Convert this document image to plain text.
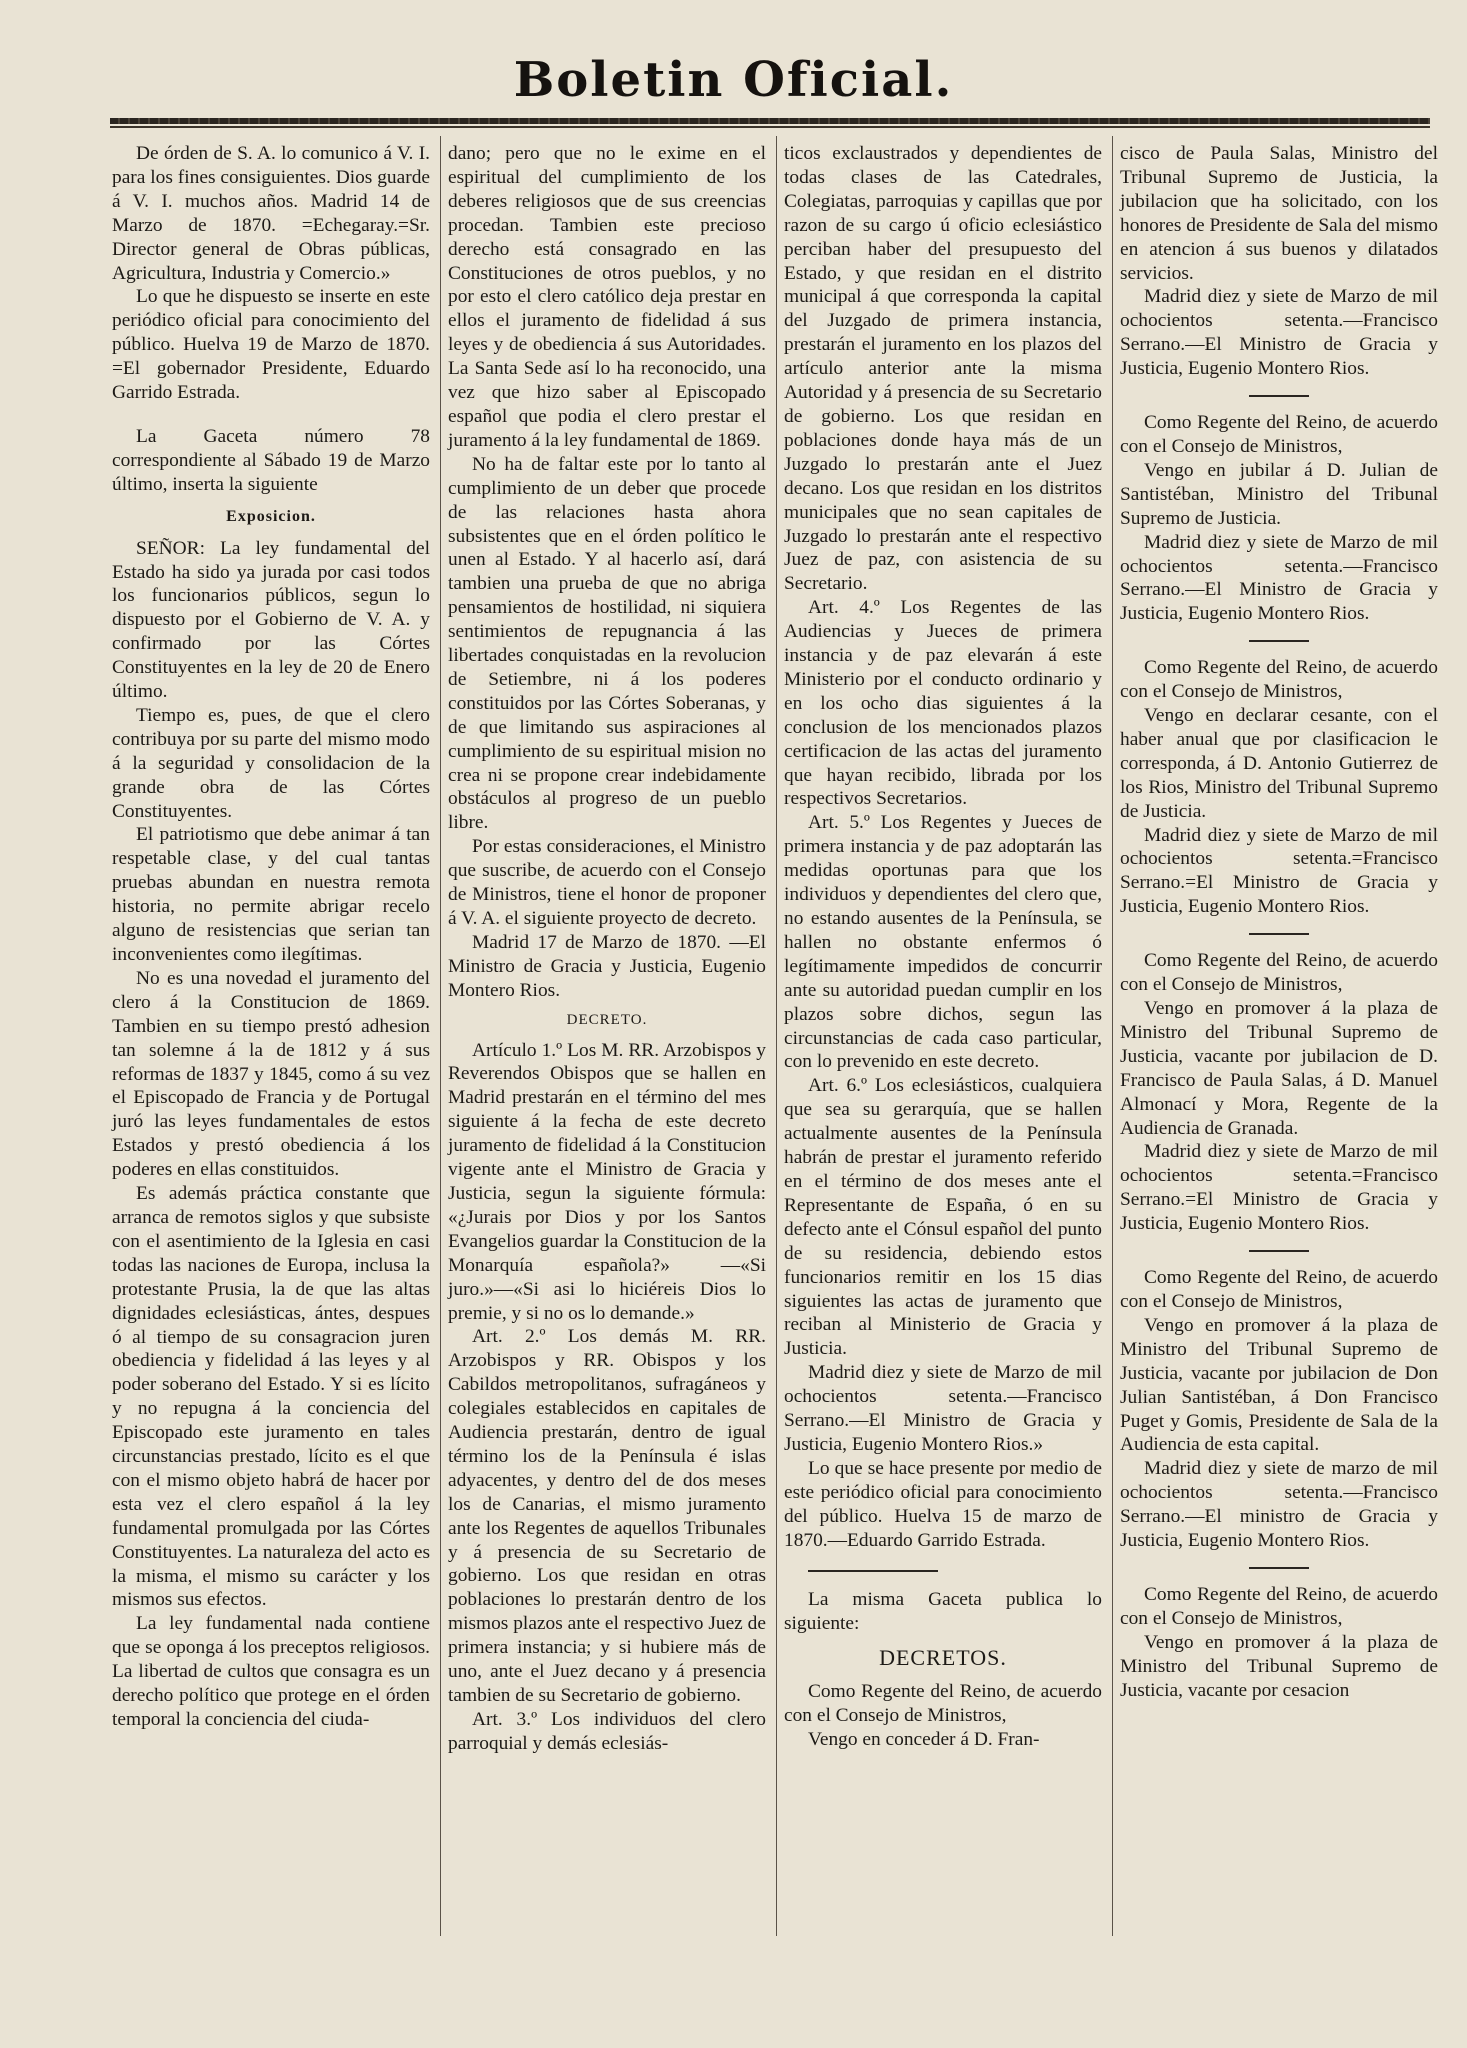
Boletin Oficial.

De órden de S. A. lo comunico á V. I. para los fines consiguientes. Dios guarde á V. I. muchos años. Madrid 14 de Marzo de 1870. =Echegaray.=Sr. Director general de Obras públicas, Agricultura, Industria y Comercio.»

Lo que he dispuesto se inserte en este periódico oficial para conocimiento del público. Huelva 19 de Marzo de 1870. =El gobernador Presidente, Eduardo Garrido Estrada.

La Gaceta número 78 correspondiente al Sábado 19 de Marzo último, inserta la siguiente

Exposicion.

SEÑOR: La ley fundamental del Estado ha sido ya jurada por casi todos los funcionarios públicos, segun lo dispuesto por el Gobierno de V. A. y confirmado por las Córtes Constituyentes en la ley de 20 de Enero último.

Tiempo es, pues, de que el clero contribuya por su parte del mismo modo á la seguridad y consolidacion de la grande obra de las Córtes Constituyentes.

El patriotismo que debe animar á tan respetable clase, y del cual tantas pruebas abundan en nuestra remota historia, no permite abrigar recelo alguno de resistencias que serian tan inconvenientes como ilegítimas.

No es una novedad el juramento del clero á la Constitucion de 1869. Tambien en su tiempo prestó adhesion tan solemne á la de 1812 y á sus reformas de 1837 y 1845, como á su vez el Episcopado de Francia y de Portugal juró las leyes fundamentales de estos Estados y prestó obediencia á los poderes en ellas constituidos.

Es además práctica constante que arranca de remotos siglos y que subsiste con el asentimiento de la Iglesia en casi todas las naciones de Europa, inclusa la protestante Prusia, la de que las altas dignidades eclesiásticas, ántes, despues ó al tiempo de su consagracion juren obediencia y fidelidad á las leyes y al poder soberano del Estado. Y si es lícito y no repugna á la conciencia del Episcopado este juramento en tales circunstancias prestado, lícito es el que con el mismo objeto habrá de hacer por esta vez el clero español á la ley fundamental promulgada por las Córtes Constituyentes. La naturaleza del acto es la misma, el mismo su carácter y los mismos sus efectos.

La ley fundamental nada contiene que se oponga á los preceptos religiosos. La libertad de cultos que consagra es un derecho político que protege en el órden temporal la conciencia del ciuda-

dano; pero que no le exime en el espiritual del cumplimiento de los deberes religiosos que de sus creencias procedan. Tambien este precioso derecho está consagrado en las Constituciones de otros pueblos, y no por esto el clero católico deja prestar en ellos el juramento de fidelidad á sus leyes y de obediencia á sus Autoridades. La Santa Sede así lo ha reconocido, una vez que hizo saber al Episcopado español que podia el clero prestar el juramento á la ley fundamental de 1869.

No ha de faltar este por lo tanto al cumplimiento de un deber que procede de las relaciones hasta ahora subsistentes que en el órden político le unen al Estado. Y al hacerlo así, dará tambien una prueba de que no abriga pensamientos de hostilidad, ni siquiera sentimientos de repugnancia á las libertades conquistadas en la revolucion de Setiembre, ni á los poderes constituidos por las Córtes Soberanas, y de que limitando sus aspiraciones al cumplimiento de su espiritual mision no crea ni se propone crear indebidamente obstáculos al progreso de un pueblo libre.

Por estas consideraciones, el Ministro que suscribe, de acuerdo con el Consejo de Ministros, tiene el honor de proponer á V. A. el siguiente proyecto de decreto.

Madrid 17 de Marzo de 1870. —El Ministro de Gracia y Justicia, Eugenio Montero Rios.

DECRETO.

Artículo 1.º Los M. RR. Arzobispos y Reverendos Obispos que se hallen en Madrid prestarán en el término del mes siguiente á la fecha de este decreto juramento de fidelidad á la Constitucion vigente ante el Ministro de Gracia y Justicia, segun la siguiente fórmula: «¿Jurais por Dios y por los Santos Evangelios guardar la Constitucion de la Monarquía española?» —«Si juro.»—«Si asi lo hiciéreis Dios lo premie, y si no os lo demande.»

Art. 2.º Los demás M. RR. Arzobispos y RR. Obispos y los Cabildos metropolitanos, sufragáneos y colegiales establecidos en capitales de Audiencia prestarán, dentro de igual término los de la Península é islas adyacentes, y dentro del de dos meses los de Canarias, el mismo juramento ante los Regentes de aquellos Tribunales y á presencia de su Secretario de gobierno. Los que residan en otras poblaciones lo prestarán dentro de los mismos plazos ante el respectivo Juez de primera instancia; y si hubiere más de uno, ante el Juez decano y á presencia tambien de su Secretario de gobierno.

Art. 3.º Los individuos del clero parroquial y demás eclesiás-

ticos exclaustrados y dependientes de todas clases de las Catedrales, Colegiatas, parroquias y capillas que por razon de su cargo ú oficio eclesiástico perciban haber del presupuesto del Estado, y que residan en el distrito municipal á que corresponda la capital del Juzgado de primera instancia, prestarán el juramento en los plazos del artículo anterior ante la misma Autoridad y á presencia de su Secretario de gobierno. Los que residan en poblaciones donde haya más de un Juzgado lo prestarán ante el Juez decano. Los que residan en los distritos municipales que no sean capitales de Juzgado lo prestarán ante el respectivo Juez de paz, con asistencia de su Secretario.

Art. 4.º Los Regentes de las Audiencias y Jueces de primera instancia y de paz elevarán á este Ministerio por el conducto ordinario y en los ocho dias siguientes á la conclusion de los mencionados plazos certificacion de las actas del juramento que hayan recibido, librada por los respectivos Secretarios.

Art. 5.º Los Regentes y Jueces de primera instancia y de paz adoptarán las medidas oportunas para que los individuos y dependientes del clero que, no estando ausentes de la Península, se hallen no obstante enfermos ó legítimamente impedidos de concurrir ante su autoridad puedan cumplir en los plazos sobre dichos, segun las circunstancias de cada caso particular, con lo prevenido en este decreto.

Art. 6.º Los eclesiásticos, cualquiera que sea su gerarquía, que se hallen actualmente ausentes de la Península habrán de prestar el juramento referido en el término de dos meses ante el Representante de España, ó en su defecto ante el Cónsul español del punto de su residencia, debiendo estos funcionarios remitir en los 15 dias siguientes las actas de juramento que reciban al Ministerio de Gracia y Justicia.

Madrid diez y siete de Marzo de mil ochocientos setenta.—Francisco Serrano.—El Ministro de Gracia y Justicia, Eugenio Montero Rios.»

Lo que se hace presente por medio de este periódico oficial para conocimiento del público. Huelva 15 de marzo de 1870.—Eduardo Garrido Estrada.

La misma Gaceta publica lo siguiente:

DECRETOS.

Como Regente del Reino, de acuerdo con el Consejo de Ministros,

Vengo en conceder á D. Fran-

cisco de Paula Salas, Ministro del Tribunal Supremo de Justicia, la jubilacion que ha solicitado, con los honores de Presidente de Sala del mismo en atencion á sus buenos y dilatados servicios.

Madrid diez y siete de Marzo de mil ochocientos setenta.—Francisco Serrano.—El Ministro de Gracia y Justicia, Eugenio Montero Rios.

Como Regente del Reino, de acuerdo con el Consejo de Ministros,

Vengo en jubilar á D. Julian de Santistéban, Ministro del Tribunal Supremo de Justicia.

Madrid diez y siete de Marzo de mil ochocientos setenta.—Francisco Serrano.—El Ministro de Gracia y Justicia, Eugenio Montero Rios.

Como Regente del Reino, de acuerdo con el Consejo de Ministros,

Vengo en declarar cesante, con el haber anual que por clasificacion le corresponda, á D. Antonio Gutierrez de los Rios, Ministro del Tribunal Supremo de Justicia.

Madrid diez y siete de Marzo de mil ochocientos setenta.=Francisco Serrano.=El Ministro de Gracia y Justicia, Eugenio Montero Rios.

Como Regente del Reino, de acuerdo con el Consejo de Ministros,

Vengo en promover á la plaza de Ministro del Tribunal Supremo de Justicia, vacante por jubilacion de D. Francisco de Paula Salas, á D. Manuel Almonací y Mora, Regente de la Audiencia de Granada.

Madrid diez y siete de Marzo de mil ochocientos setenta.=Francisco Serrano.=El Ministro de Gracia y Justicia, Eugenio Montero Rios.

Como Regente del Reino, de acuerdo con el Consejo de Ministros,

Vengo en promover á la plaza de Ministro del Tribunal Supremo de Justicia, vacante por jubilacion de Don Julian Santistéban, á Don Francisco Puget y Gomis, Presidente de Sala de la Audiencia de esta capital.

Madrid diez y siete de marzo de mil ochocientos setenta.—Francisco Serrano.—El ministro de Gracia y Justicia, Eugenio Montero Rios.

Como Regente del Reino, de acuerdo con el Consejo de Ministros,

Vengo en promover á la plaza de Ministro del Tribunal Supremo de Justicia, vacante por cesacion
